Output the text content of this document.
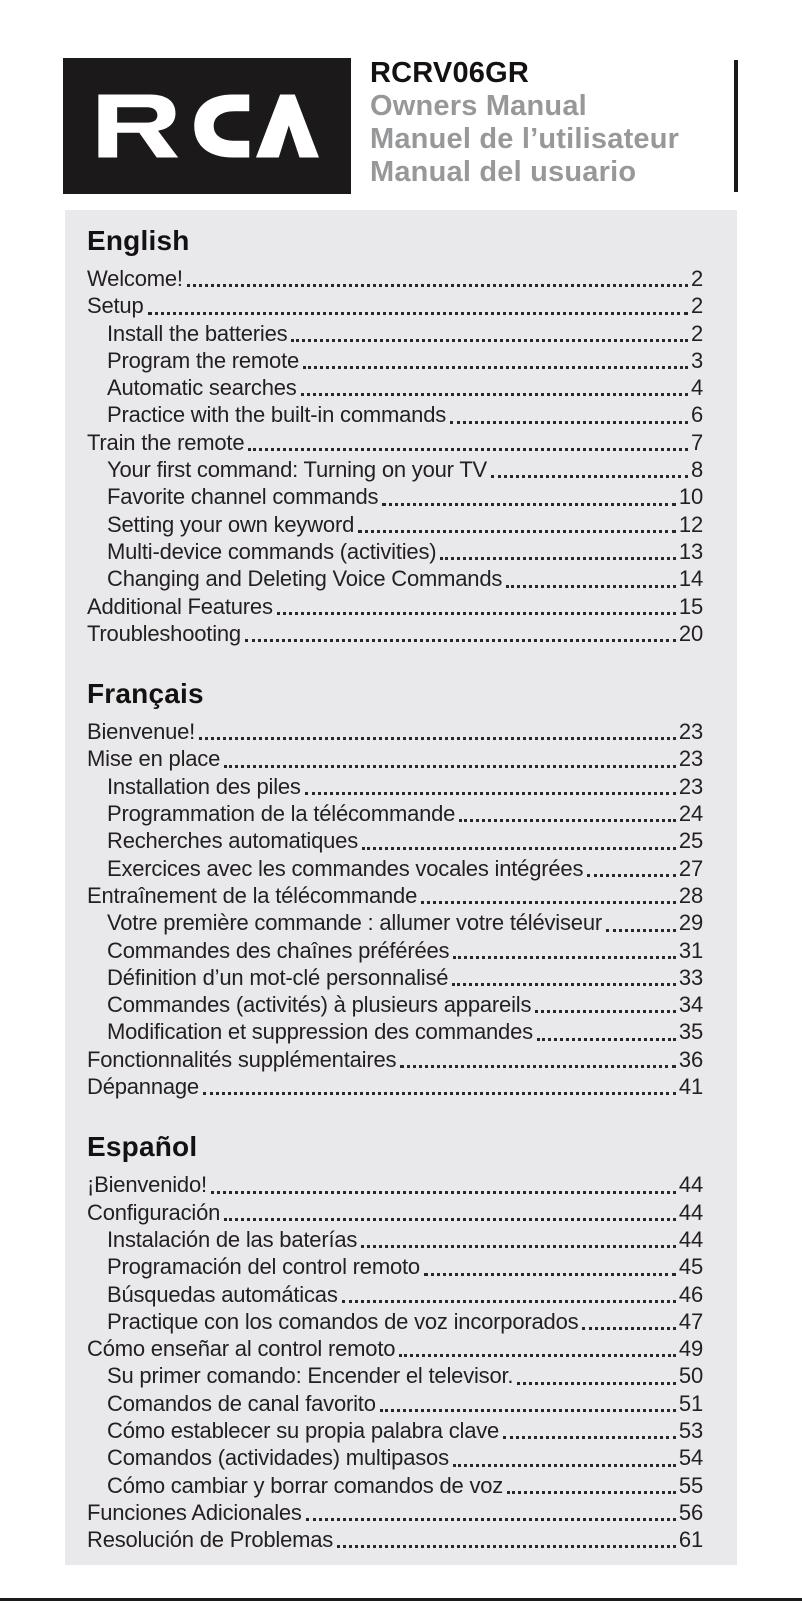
RCRV06GR
Owners Manual
Manuel de l’utilisateur
Manual del usuario
English
Welcome!	2
Setup	2
Install the batteries	2
Program the remote	3
Automatic searches	4
Practice with the built-in commands	6
Train the remote	7
Your first command: Turning on your TV	8
Favorite channel commands	10
Setting your own keyword	12
Multi-device commands (activities)	13
Changing and Deleting Voice Commands	14
Additional Features	15
Troubleshooting	20
Français
Bienvenue!	23
Mise en place	23
Installation des piles	23
Programmation de la télécommande	24
Recherches automatiques	25
Exercices avec les commandes vocales intégrées	27
Entraînement de la télécommande	28
Votre première commande : allumer votre téléviseur	29
Commandes des chaînes préférées	31
Définition d’un mot-clé personnalisé	33
Commandes (activités) à plusieurs appareils	34
Modification et suppression des commandes	35
Fonctionnalités supplémentaires	36
Dépannage	41
Español
¡Bienvenido!	44
Configuración	44
Instalación de las baterías	44
Programación del control remoto	45
Búsquedas automáticas	46
Practique con los comandos de voz incorporados	47
Cómo enseñar al control remoto	49
Su primer comando: Encender el televisor.	50
Comandos de canal favorito	51
Cómo establecer su propia palabra clave	53
Comandos (actividades) multipasos	54
Cómo cambiar y borrar comandos de voz	55
Funciones Adicionales	56
Resolución de Problemas	61
